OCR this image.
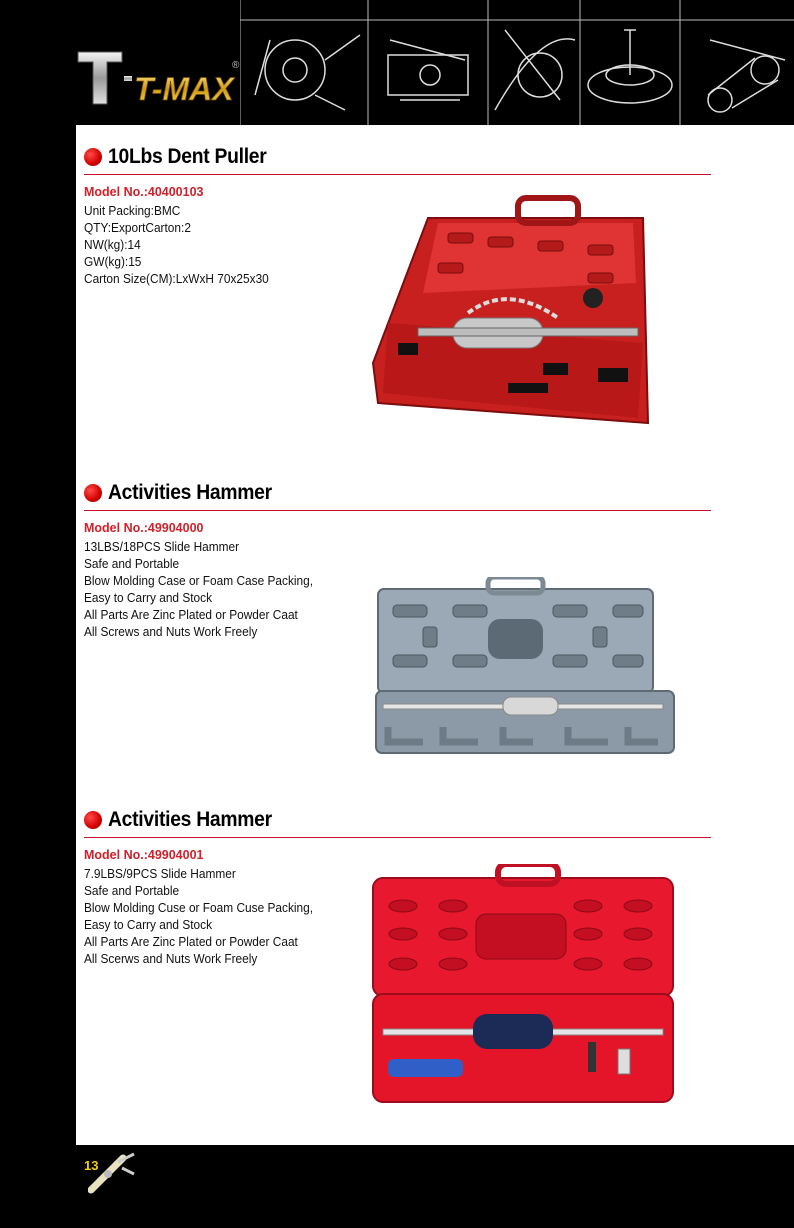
T-MAX
®
10Lbs Dent Puller
Model No.:40400103
Unit Packing:BMC
QTY:ExportCarton:2
NW(kg):14
GW(kg):15
Carton Size(CM):LxWxH 70x25x30
Activities Hammer
Model No.:49904000
13LBS/18PCS Slide Hammer
Safe and Portable
Blow Molding Case or Foam Case Packing,
Easy to Carry and Stock
All Parts Are Zinc Plated or Powder Caat
All Screws and Nuts Work Freely
Activities Hammer
Model No.:49904001
7.9LBS/9PCS Slide Hammer
Safe and Portable
Blow Molding Cuse or Foam Cuse Packing,
Easy to Carry and Stock
All Parts Are Zinc Plated or Powder Caat
All Scerws and Nuts Work Freely
13
